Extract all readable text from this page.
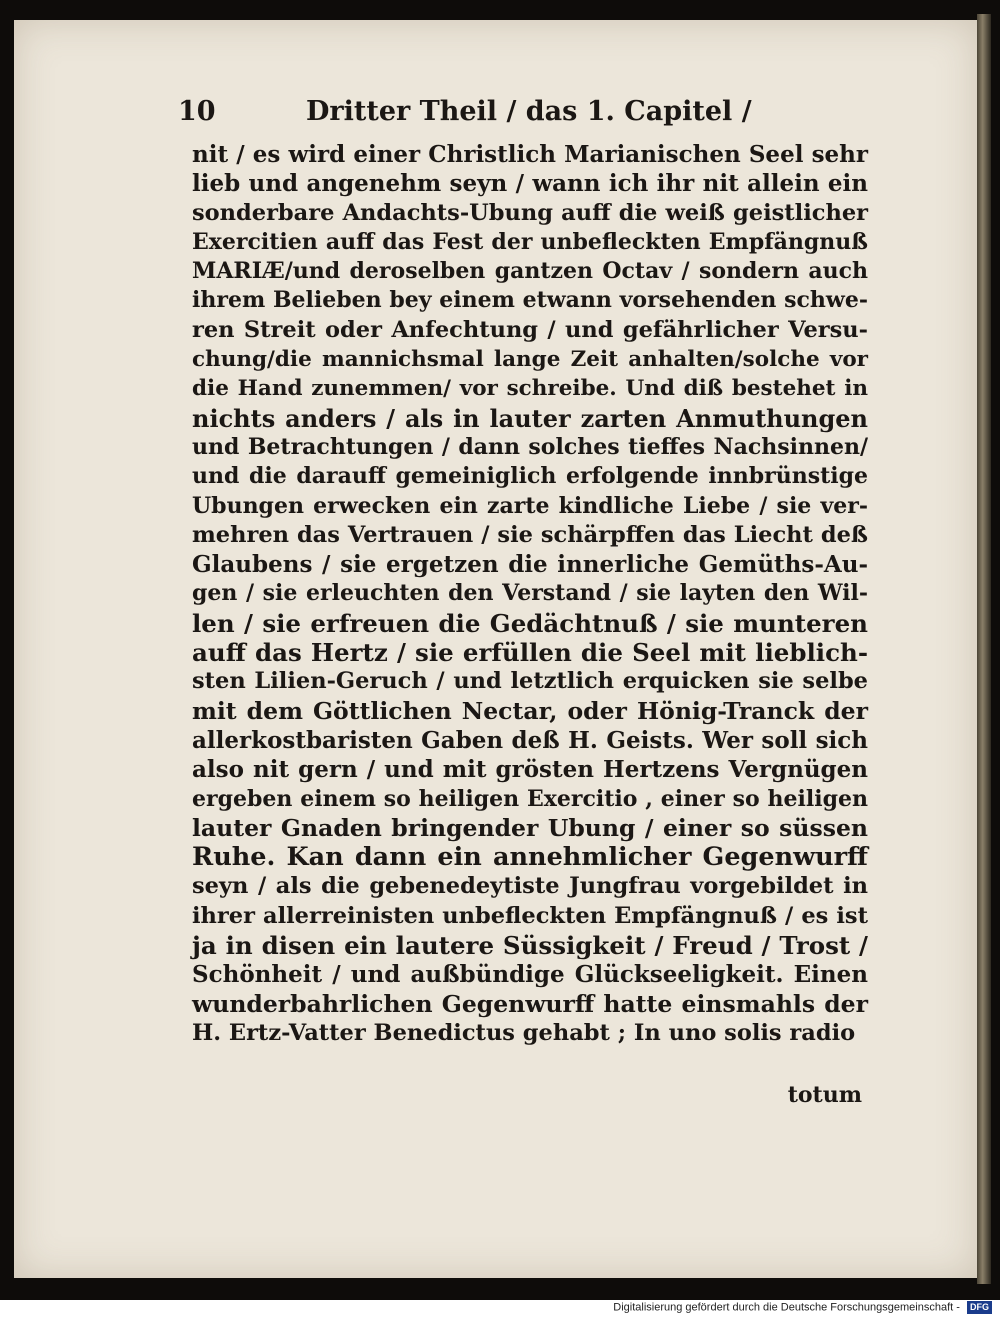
10	Dritter Theil / das 1. Capitel /
nit / es wird einer Christlich Marianischen Seel sehr
lieb und angenehm seyn / wann ich ihr nit allein ein
sonderbare Andachts-Ubung auff die weiß geistlicher
Exercitien auff das Fest der unbefleckten Empfängnuß
MARIÆ/und deroselben gantzen Octav / sondern auch
ihrem Belieben bey einem etwann vorsehenden schwe-
ren Streit oder Anfechtung / und gefährlicher Versu-
chung/die mannichsmal lange Zeit anhalten/solche vor
die Hand zunemmen/ vor schreibe. Und diß bestehet in
nichts anders / als in lauter zarten Anmuthungen
und Betrachtungen / dann solches tieffes Nachsinnen/
und die darauff gemeiniglich erfolgende innbrünstige
Ubungen erwecken ein zarte kindliche Liebe / sie ver-
mehren das Vertrauen / sie schärpffen das Liecht deß
Glaubens / sie ergetzen die innerliche Gemüths-Au-
gen / sie erleuchten den Verstand / sie layten den Wil-
len / sie erfreuen die Gedächtnuß / sie munteren
auff das Hertz / sie erfüllen die Seel mit lieblich-
sten Lilien-Geruch / und letztlich erquicken sie selbe
mit dem Göttlichen Nectar, oder Hönig-Tranck der
allerkostbaristen Gaben deß H. Geists. Wer soll sich
also nit gern / und mit grösten Hertzens Vergnügen
ergeben einem so heiligen Exercitio , einer so heiligen
lauter Gnaden bringender Ubung / einer so süssen
Ruhe. Kan dann ein annehmlicher Gegenwurff
seyn / als die gebenedeytiste Jungfrau vorgebildet in
ihrer allerreinisten unbefleckten Empfängnuß / es ist
ja in disen ein lautere Süssigkeit / Freud / Trost /
Schönheit / und außbündige Glückseeligkeit. Einen
wunderbahrlichen Gegenwurff hatte einsmahls der
H. Ertz-Vatter Benedictus gehabt ; In uno solis radio
totum
Digitalisierung gefördert durch die Deutsche Forschungsgemeinschaft - DFG
